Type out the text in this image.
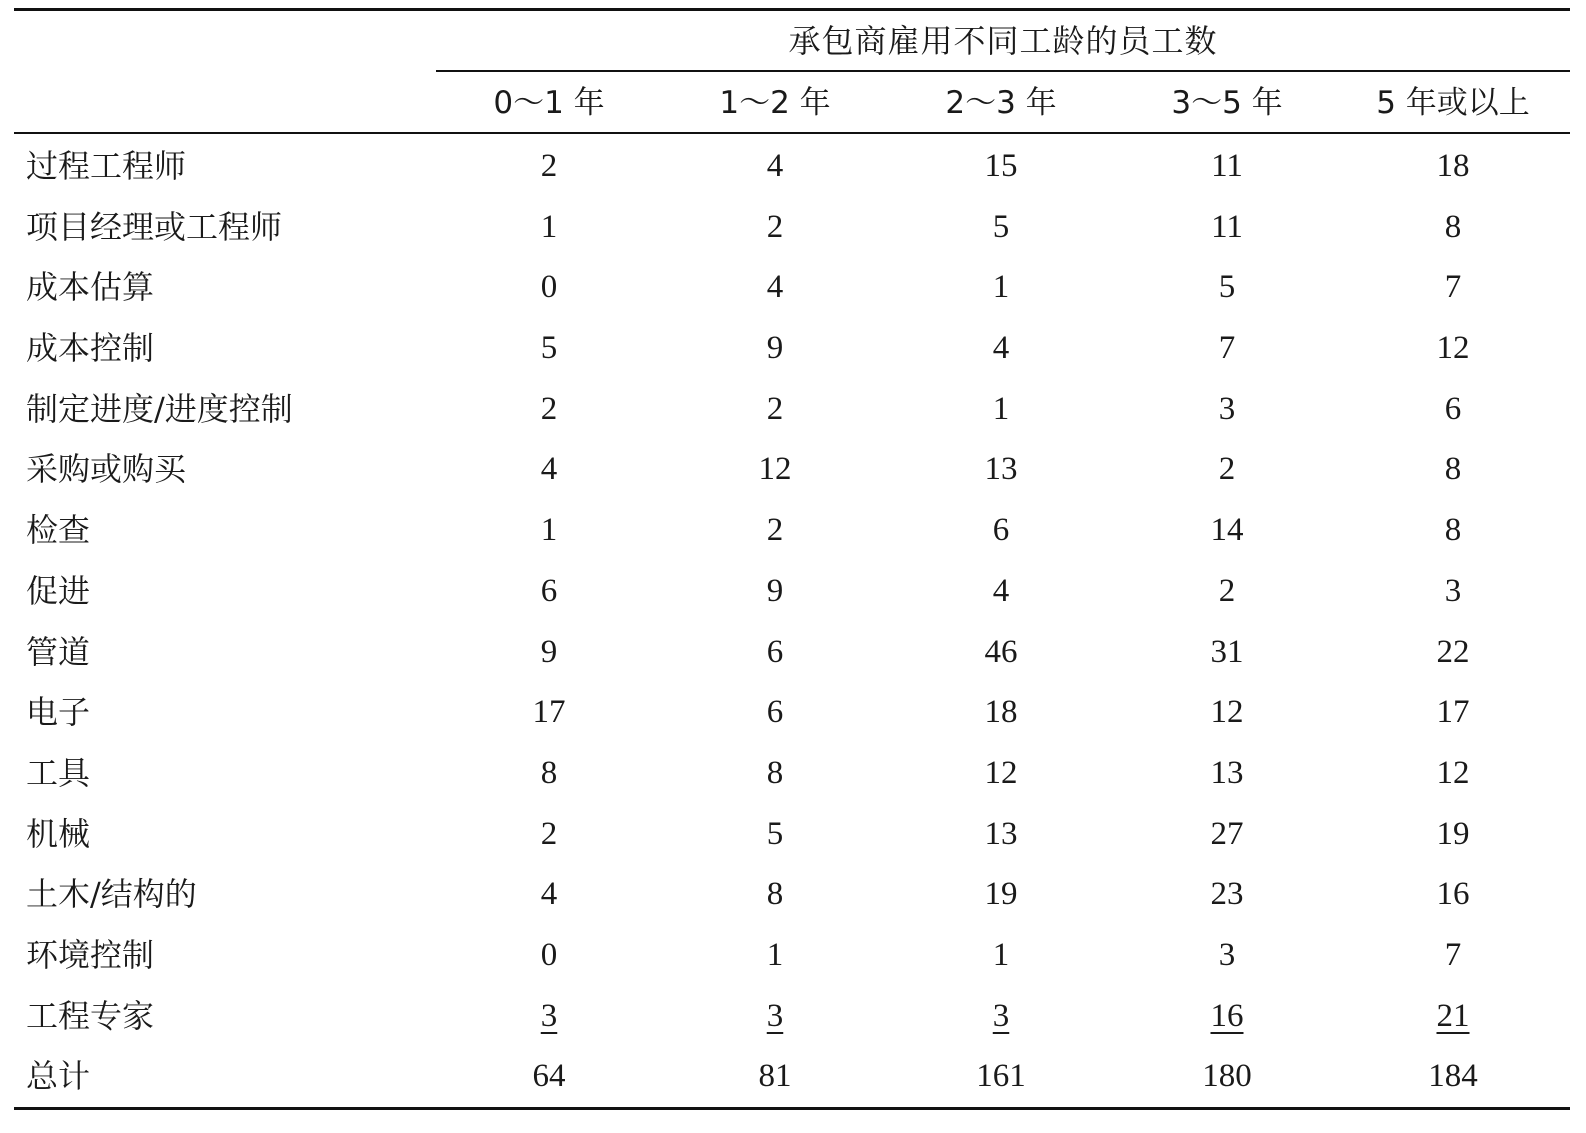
承包商雇用不同工龄的员工数
0～1 年	1～2 年	2～3 年	3～5 年	5 年或以上
过程工程师	2	4	15	11	18
项目经理或工程师	1	2	5	11	8
成本估算	0	4	1	5	7
成本控制	5	9	4	7	12
制定进度/进度控制	2	2	1	3	6
采购或购买	4	12	13	2	8
检查	1	2	6	14	8
促进	6	9	4	2	3
管道	9	6	46	31	22
电子	17	6	18	12	17
工具	8	8	12	13	12
机械	2	5	13	27	19
土木/结构的	4	8	19	23	16
环境控制	0	1	1	3	7
工程专家	3	3	3	16	21
总计	64	81	161	180	184
